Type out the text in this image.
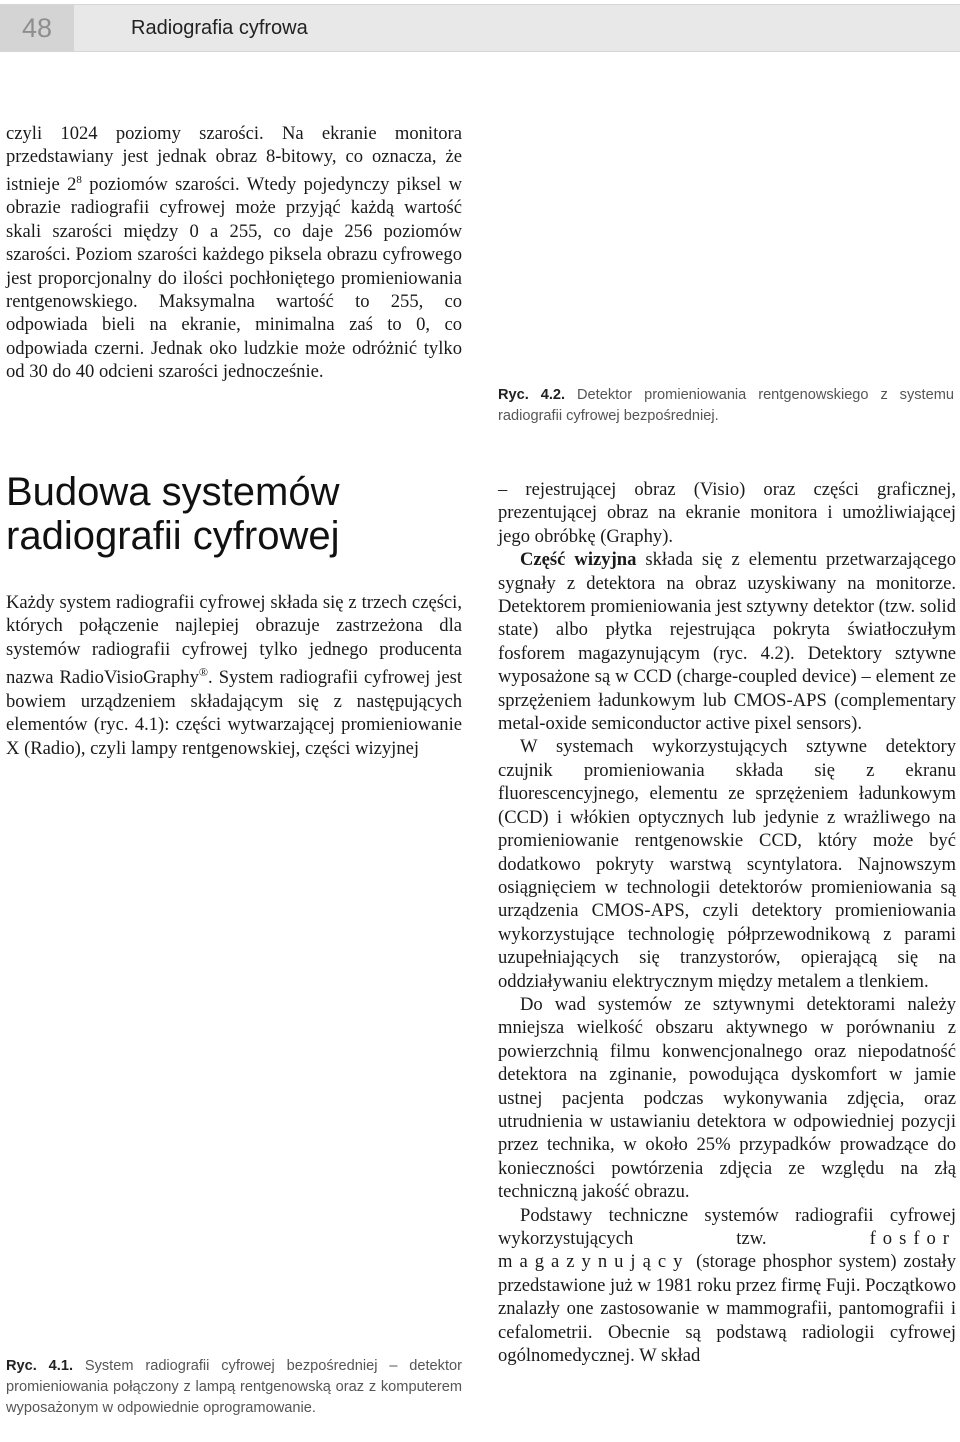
48	Radiografia cyfrowa

czyli 1024 poziomy szarości. Na ekranie monitora przedstawiany jest jednak obraz 8-bitowy, co oznacza, że istnieje $2^8$ poziomów szarości. Wtedy pojedynczy piksel w obrazie radiografii cyfrowej może przyjąć każdą wartość skali szarości między 0 a 255, co daje 256 poziomów szarości. Poziom szarości każdego piksela obrazu cyfrowego jest proporcjonalny do ilości pochłoniętego promieniowania rentgenowskiego. Maksymalna wartość to 255, co odpowiada bieli na ekranie, minimalna zaś to 0, co odpowiada czerni. Jednak oko ludzkie może odróżnić tylko od 30 do 40 odcieni szarości jednocześnie.

Ryc. 4.2. Detektor promieniowania rentgenowskiego z systemu radiografii cyfrowej bezpośredniej.
Budowa systemów
radiografii cyfrowej

Każdy system radiografii cyfrowej składa się z trzech części, których połączenie najlepiej obrazuje zastrzeżona dla systemów radiografii cyfrowej tylko jednego producenta nazwa RadioVisioGraphy®. System radiografii cyfrowej jest bowiem urządzeniem składającym się z następujących elementów (ryc. 4.1): części wytwarzającej promieniowanie X (Radio), czyli lampy rentgenowskiej, części wizyjnej

Ryc. 4.1. System radiografii cyfrowej bezpośredniej – detektor promieniowania połączony z lampą rentgenowską oraz z komputerem wyposażonym w odpowiednie oprogramowanie.

– rejestrującej obraz (Visio) oraz części graficznej, prezentującej obraz na ekranie monitora i umożliwiającej jego obróbkę (Graphy).

Część wizyjna składa się z elementu przetwarzającego sygnały z detektora na obraz uzyskiwany na monitorze. Detektorem promieniowania jest sztywny detektor (tzw. solid state) albo płytka rejestrująca pokryta światłoczułym fosforem magazynującym (ryc. 4.2). Detektory sztywne wyposażone są w CCD (charge-coupled device) – element ze sprzężeniem ładunkowym lub CMOS-APS (complementary metal-oxide semiconductor active pixel sensors).

W systemach wykorzystujących sztywne detektory czujnik promieniowania składa się z ekranu fluorescencyjnego, elementu ze sprzężeniem ładunkowym (CCD) i włókien optycznych lub jedynie z wrażliwego na promieniowanie rentgenowskie CCD, który może być dodatkowo pokryty warstwą scyntylatora. Najnowszym osiągnięciem w technologii detektorów promieniowania są urządzenia CMOS-APS, czyli detektory promieniowania wykorzystujące technologię półprzewodnikową z parami uzupełniających się tranzystorów, opierającą się na oddziaływaniu elektrycznym między metalem a tlenkiem.

Do wad systemów ze sztywnymi detektorami należy mniejsza wielkość obszaru aktywnego w porównaniu z powierzchnią filmu konwencjonalnego oraz niepodatność detektora na zginanie, powodująca dyskomfort w jamie ustnej pacjenta podczas wykonywania zdjęcia, oraz utrudnienia w ustawianiu detektora w odpowiedniej pozycji przez technika, w około 25% przypadków prowadzące do konieczności powtórzenia zdjęcia ze względu na złą techniczną jakość obrazu.

Podstawy techniczne systemów radiografii cyfrowej wykorzystujących tzw. fosfor magazynujący (storage phosphor system) zostały przedstawione już w 1981 roku przez firmę Fuji. Początkowo znalazły one zastosowanie w mammografii, pantomografii i cefalometrii. Obecnie są podstawą radiologii cyfrowej ogólnomedycznej. W skład
